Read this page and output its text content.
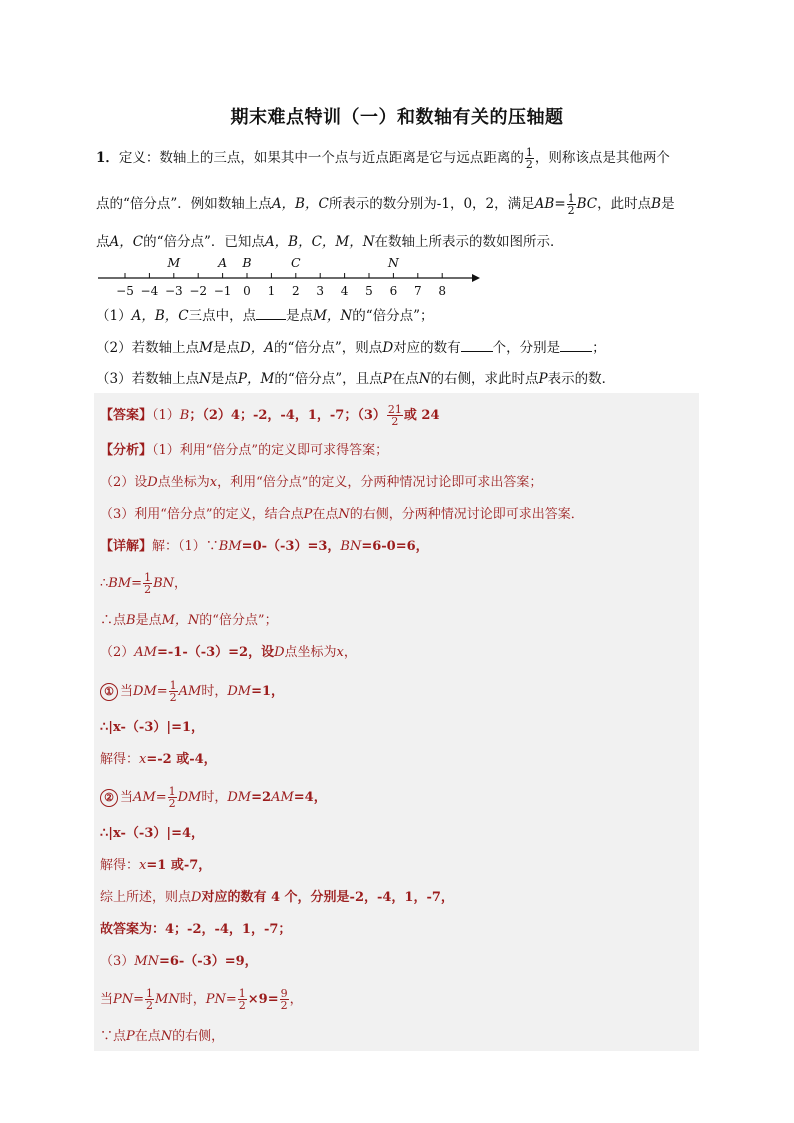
期末难点特训（一）和数轴有关的压轴题
1．定义：数轴上的三点，如果其中一个点与近点距离是它与远点距离的 $\frac{1}{2}$ ，则称该点是其他两个
点的“倍分点”．例如数轴上点A，B，C所表示的数分别为-1，0，2，满足$AB= \frac{1}{2}$ BC，此时点B是
点A，C的“倍分点”．已知点A，B，C，M，N在数轴上所表示的数如图所示．
−5 −4 −3 −2 −1 0 1 2 3 4 5 6 7 8
M	A B	C	N
（1）A，B，C三点中，点 是点M，N的“倍分点”；
（2）若数轴上点M是点D，A的“倍分点”，则点D对应的数有 个，分别是 ；
（3）若数轴上点N是点P，M的“倍分点”，且点P在点N的右侧，求此时点P表示的数．
【答案】（1）B；（2）4；-2，-4，1，-7；$(3) \frac{21}{2}$ 或 24
【分析】（1）利用“倍分点”的定义即可求得答案；
（2）设D点坐标为x，利用“倍分点”的定义，分两种情况讨论即可求出答案；
（3）利用“倍分点”的定义，结合点P在点N的右侧，分两种情况讨论即可求出答案．
【详解】解：（1）∵BM=0-（-3）=3，BN=6-0=6，
∴BM= $\frac{1}{2}$ BN，
∴点B是点M，N的“倍分点”；
（2）AM=-1-（-3）=2，设D点坐标为x，
① 当$DM= \frac{1}{2}$ AM时，DM=1，
∴|x-（-3）|=1，
解得：x=-2 或-4，
② 当$AM= \frac{1}{2}$ DM时，DM=2AM=4，
∴|x-（-3）|=4，
解得：x=1 或-7，
综上所述，则点D对应的数有 4 个，分别是-2，-4，1，-7，
故答案为：4；-2，-4，1，-7；
（3）MN=6-（-3）=9，
当$PN= \frac{1}{2}$ MN时，$PN= \frac{1}{2} \times 9= \frac{9}{2}$ ，
∵点P在点N的右侧，
